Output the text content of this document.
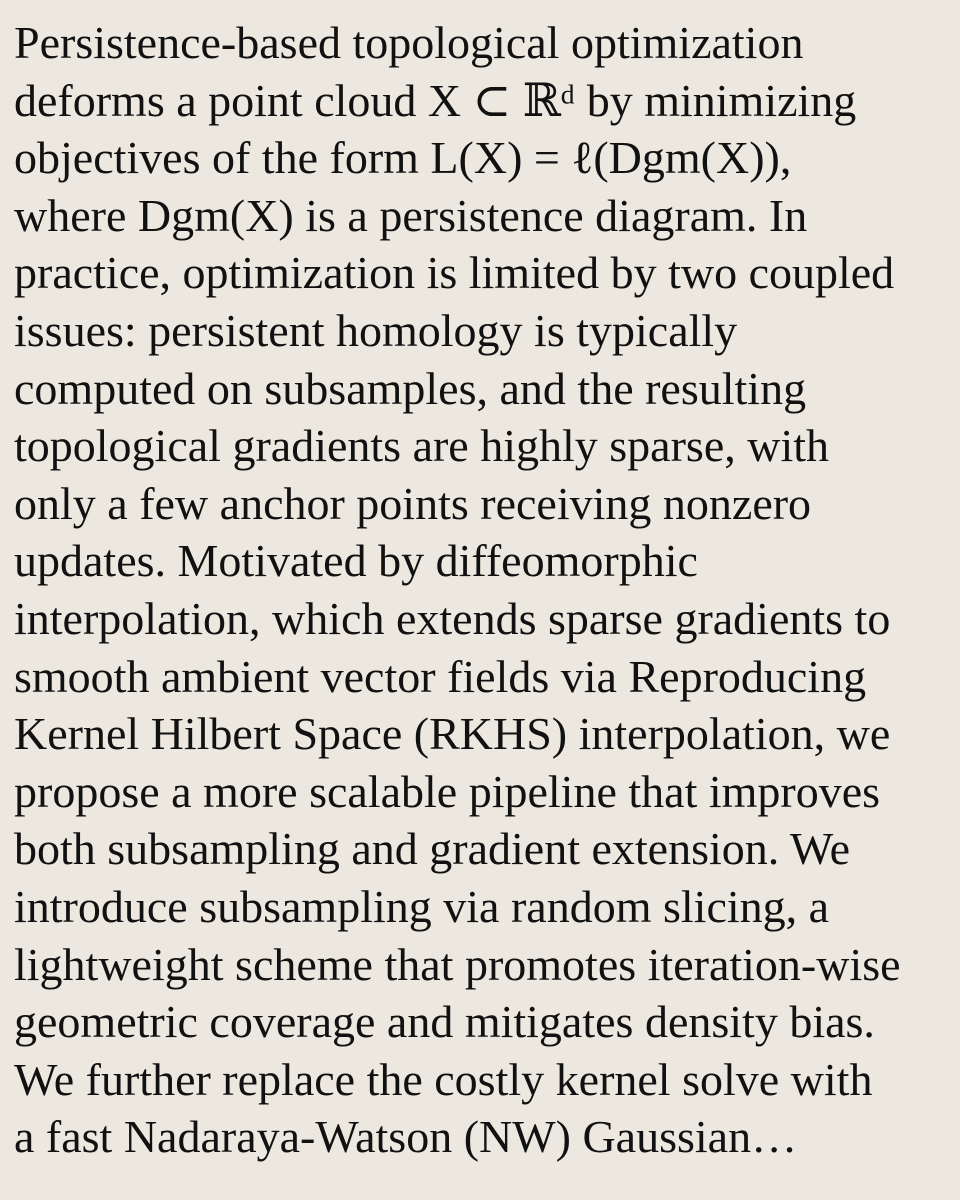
Persistence-based topological optimization
deforms a point cloud X ⊂ ℝᵈ by minimizing
objectives of the form L(X) = ℓ(Dgm(X)),
where Dgm(X) is a persistence diagram. In
practice, optimization is limited by two coupled
issues: persistent homology is typically
computed on subsamples, and the resulting
topological gradients are highly sparse, with
only a few anchor points receiving nonzero
updates. Motivated by diffeomorphic
interpolation, which extends sparse gradients to
smooth ambient vector fields via Reproducing
Kernel Hilbert Space (RKHS) interpolation, we
propose a more scalable pipeline that improves
both subsampling and gradient extension. We
introduce subsampling via random slicing, a
lightweight scheme that promotes iteration-wise
geometric coverage and mitigates density bias.
We further replace the costly kernel solve with
a fast Nadaraya-Watson (NW) Gaussian…
